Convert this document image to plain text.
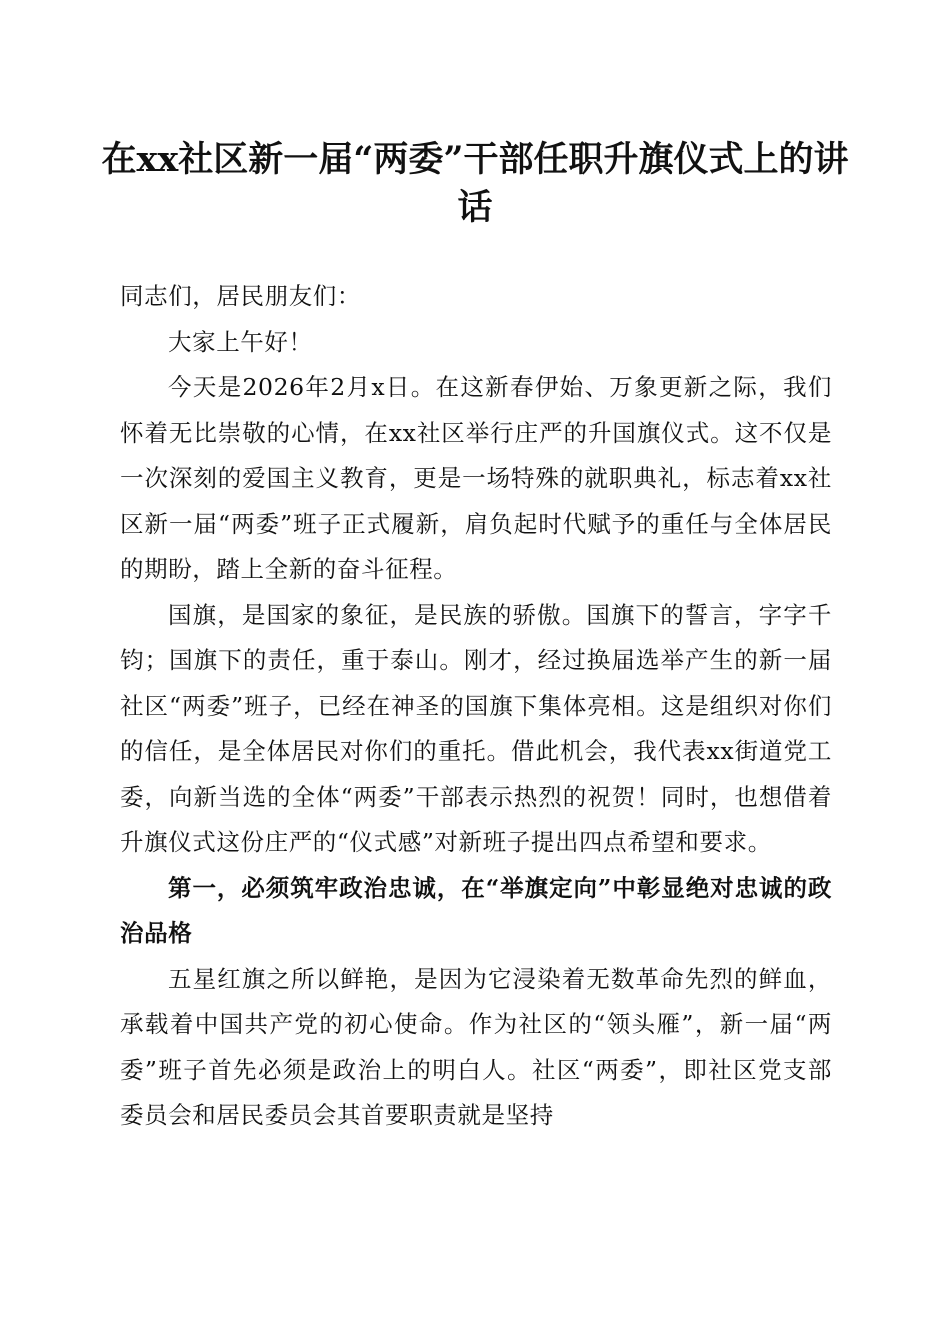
在xx社区新一届“两委”干部任职升旗仪式上的讲话

同志们，居民朋友们：

大家上午好！

今天是2026年2月x日。在这新春伊始、万象更新之际，我们怀着无比崇敬的心情，在xx社区举行庄严的升国旗仪式。这不仅是一次深刻的爱国主义教育，更是一场特殊的就职典礼，标志着xx社区新一届“两委”班子正式履新，肩负起时代赋予的重任与全体居民的期盼，踏上全新的奋斗征程。

国旗，是国家的象征，是民族的骄傲。国旗下的誓言，字字千钧；国旗下的责任，重于泰山。刚才，经过换届选举产生的新一届社区“两委”班子，已经在神圣的国旗下集体亮相。这是组织对你们的信任，是全体居民对你们的重托。借此机会，我代表xx街道党工委，向新当选的全体“两委”干部表示热烈的祝贺！同时，也想借着升旗仪式这份庄严的“仪式感”对新班子提出四点希望和要求。

第一，必须筑牢政治忠诚，在“举旗定向”中彰显绝对忠诚的政治品格

五星红旗之所以鲜艳，是因为它浸染着无数革命先烈的鲜血，承载着中国共产党的初心使命。作为社区的“领头雁”，新一届“两委”班子首先必须是政治上的明白人。社区“两委”，即社区党支部委员会和居民委员会其首要职责就是坚持
